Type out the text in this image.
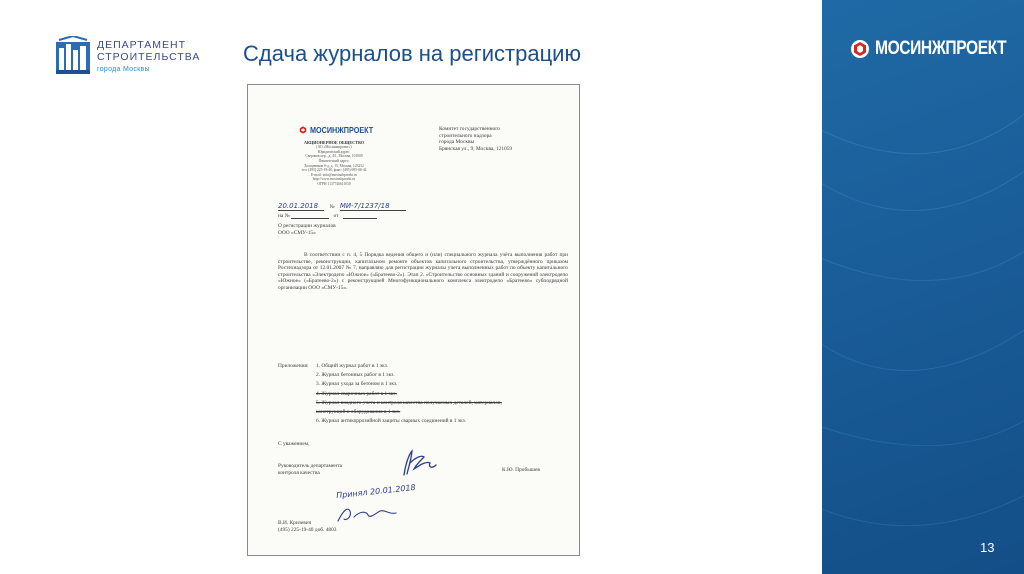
ДЕПАРТАМЕНТ
СТРОИТЕЛЬСТВА
города Москвы
Сдача журналов на регистрацию	МОСИНЖПРОЕКТ
13
МОСИНЖПРОЕКТ
АКЦИОНЕРНОЕ ОБЩЕСТВО
(АО «Мосинжпроект»)
Юридический адрес:
Сверчков пер., д. 4/1, Москва, 101000
Фактический адрес:
Холщевиков б-д, д. 15, Москва, 123252
тел. (495) 225-19-40, факс: (495) 695-06-44
E-mail: info@mosinzhproekt.ru
http://www.mosinzhproekt.ru
ОГРН 1137746611030
Комитет государственного
строительного надзора
города Москвы
Брянская ул., 9, Москва, 121059
20.01.2018 № МИ-7/1237/18
на №	от
О регистрации журналов
ООО «СМУ-15»
В соответствии с п. 4, 5 Порядка ведения общего и (или) специального журнала учёта выполнения работ при строительстве, реконструкции, капитальном ремонте объектов капитального строительства, утверждённого приказом Ростехнадзора от 12.01.2007 № 7, направляю для регистрации журналы учета выполненных работ по объекту капитального строительства «Электродепо «Южное» («Братеево-2»). Этап 2. «Строительство основных зданий и сооружений электродепо «Южное» («Братеево-2») с реконструкцией Многофункционального комплекса электродепо «Братеево» субподрядной организации ООО «СМУ-15».
Приложения: 1. Общий журнал работ в 1 экз.
2. Журнал бетонных работ в 1 экз.
3. Журнал ухода за бетоном в 1 экз.
4. Журнал сварочных работ в 1 экз.
5. Журнал входного учета и контроля качества получаемых деталей, материалов,
конструкций и оборудования в 1 экз.
6. Журнал антикоррозийной защиты сварных соединений в 1 экз.
С уважением,
Руководитель департамента
контроля качества	К.Ю. Пробышев
Принял 20.01.2018
В.И. Кризевич
(495) 225-19-40 доб. 4803
